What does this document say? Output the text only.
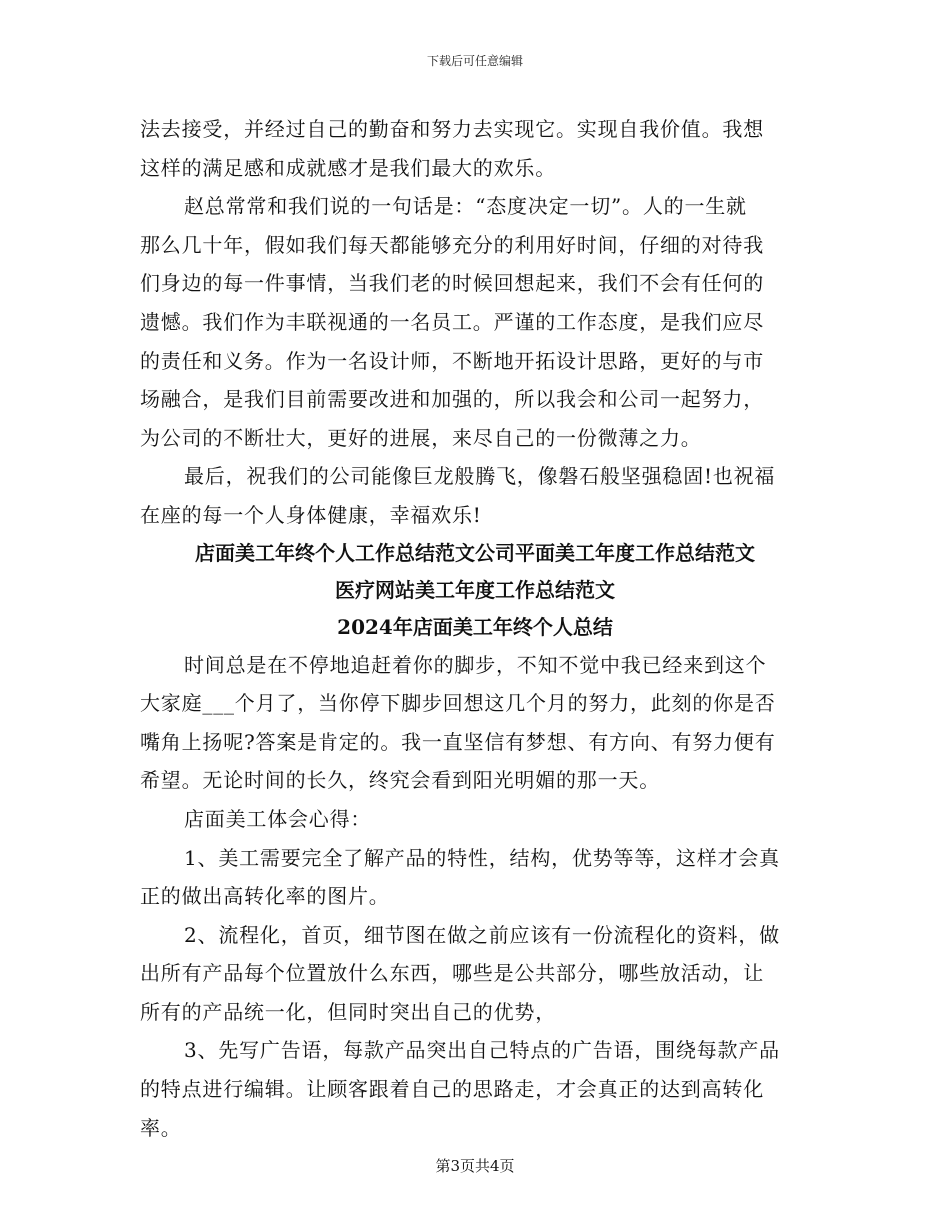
下载后可任意编辑
法去接受，并经过自己的勤奋和努力去实现它。实现自我价值。我想
这样的满足感和成就感才是我们最大的欢乐。
赵总常常和我们说的一句话是：“态度决定一切”。人的一生就
那么几十年，假如我们每天都能够充分的利用好时间，仔细的对待我
们身边的每一件事情，当我们老的时候回想起来，我们不会有任何的
遗憾。我们作为丰联视通的一名员工。严谨的工作态度，是我们应尽
的责任和义务。作为一名设计师，不断地开拓设计思路，更好的与市
场融合，是我们目前需要改进和加强的，所以我会和公司一起努力，
为公司的不断壮大，更好的进展，来尽自己的一份微薄之力。
最后，祝我们的公司能像巨龙般腾飞，像磐石般坚强稳固!也祝福
在座的每一个人身体健康，幸福欢乐!
店面美工年终个人工作总结范文公司平面美工年度工作总结范文
医疗网站美工年度工作总结范文
2024年店面美工年终个人总结
时间总是在不停地追赶着你的脚步，不知不觉中我已经来到这个
大家庭___个月了，当你停下脚步回想这几个月的努力，此刻的你是否
嘴角上扬呢?答案是肯定的。我一直坚信有梦想、有方向、有努力便有
希望。无论时间的长久，终究会看到阳光明媚的那一天。
店面美工体会心得：
1、美工需要完全了解产品的特性，结构，优势等等，这样才会真
正的做出高转化率的图片。
2、流程化，首页，细节图在做之前应该有一份流程化的资料，做
出所有产品每个位置放什么东西，哪些是公共部分，哪些放活动，让
所有的产品统一化，但同时突出自己的优势，
3、先写广告语，每款产品突出自己特点的广告语，围绕每款产品
的特点进行编辑。让顾客跟着自己的思路走，才会真正的达到高转化
率。
第3页共4页
